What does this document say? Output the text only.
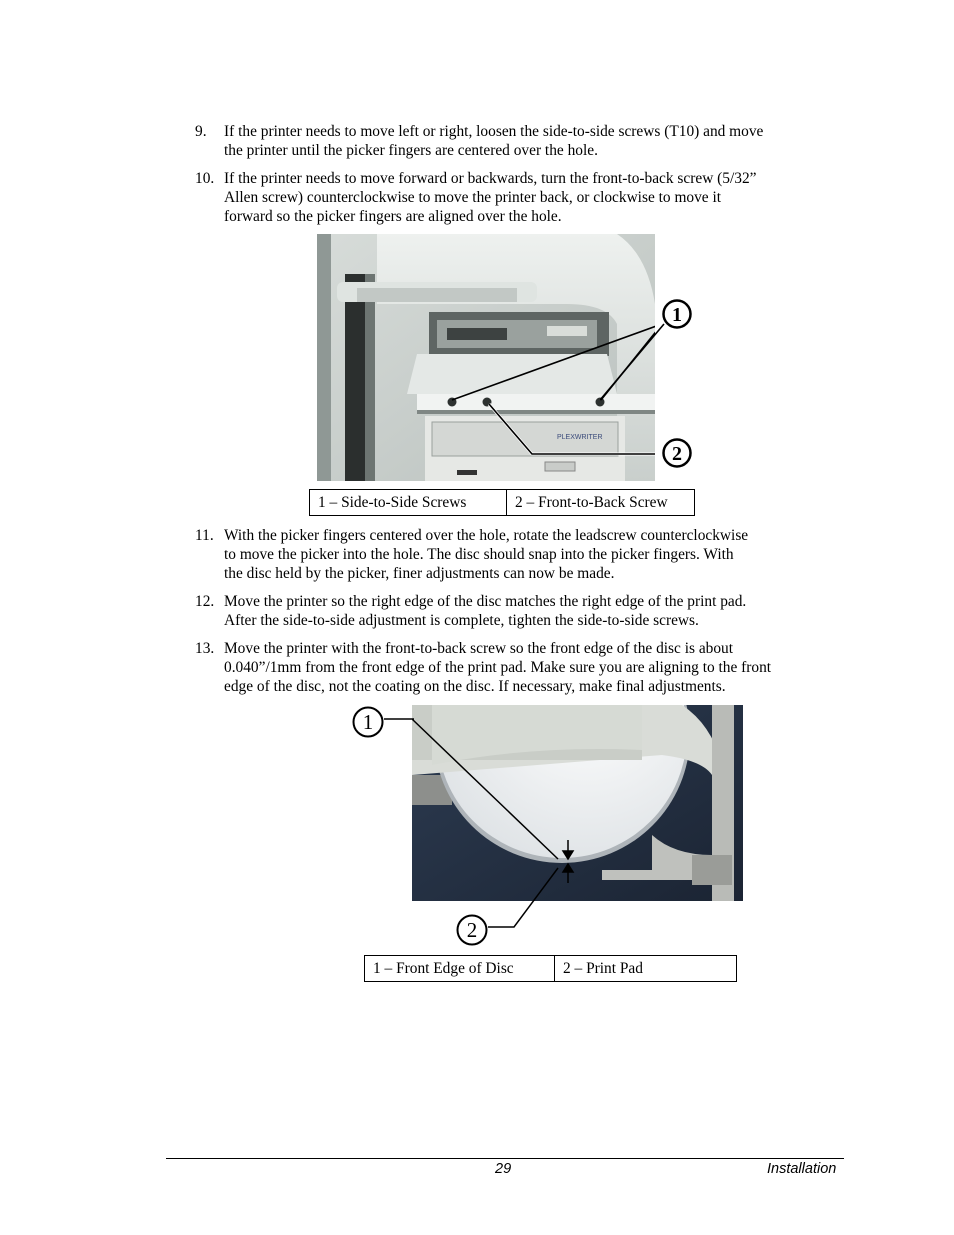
9. If the printer needs to move left or right, loosen the side-to-side screws (T10) and move
the printer until the picker fingers are centered over the hole.
10. If the printer needs to move forward or backwards, turn the front-to-back screw (5/32”
Allen screw) counterclockwise to move the printer back, or clockwise to move it
forward so the picker fingers are aligned over the hole.
PLEXWRITER
1
2
1 – Side-to-Side Screws	2 – Front-to-Back Screw
11. With the picker fingers centered over the hole, rotate the leadscrew counterclockwise
to move the picker into the hole. The disc should snap into the picker fingers. With
the disc held by the picker, finer adjustments can now be made.
12. Move the printer so the right edge of the disc matches the right edge of the print pad.
After the side-to-side adjustment is complete, tighten the side-to-side screws.
13. Move the printer with the front-to-back screw so the front edge of the disc is about
0.040”/1mm from the front edge of the print pad. Make sure you are aligning to the front
edge of the disc, not the coating on the disc. If necessary, make final adjustments.
1
2
1 – Front Edge of Disc	2 – Print Pad
29	Installation
